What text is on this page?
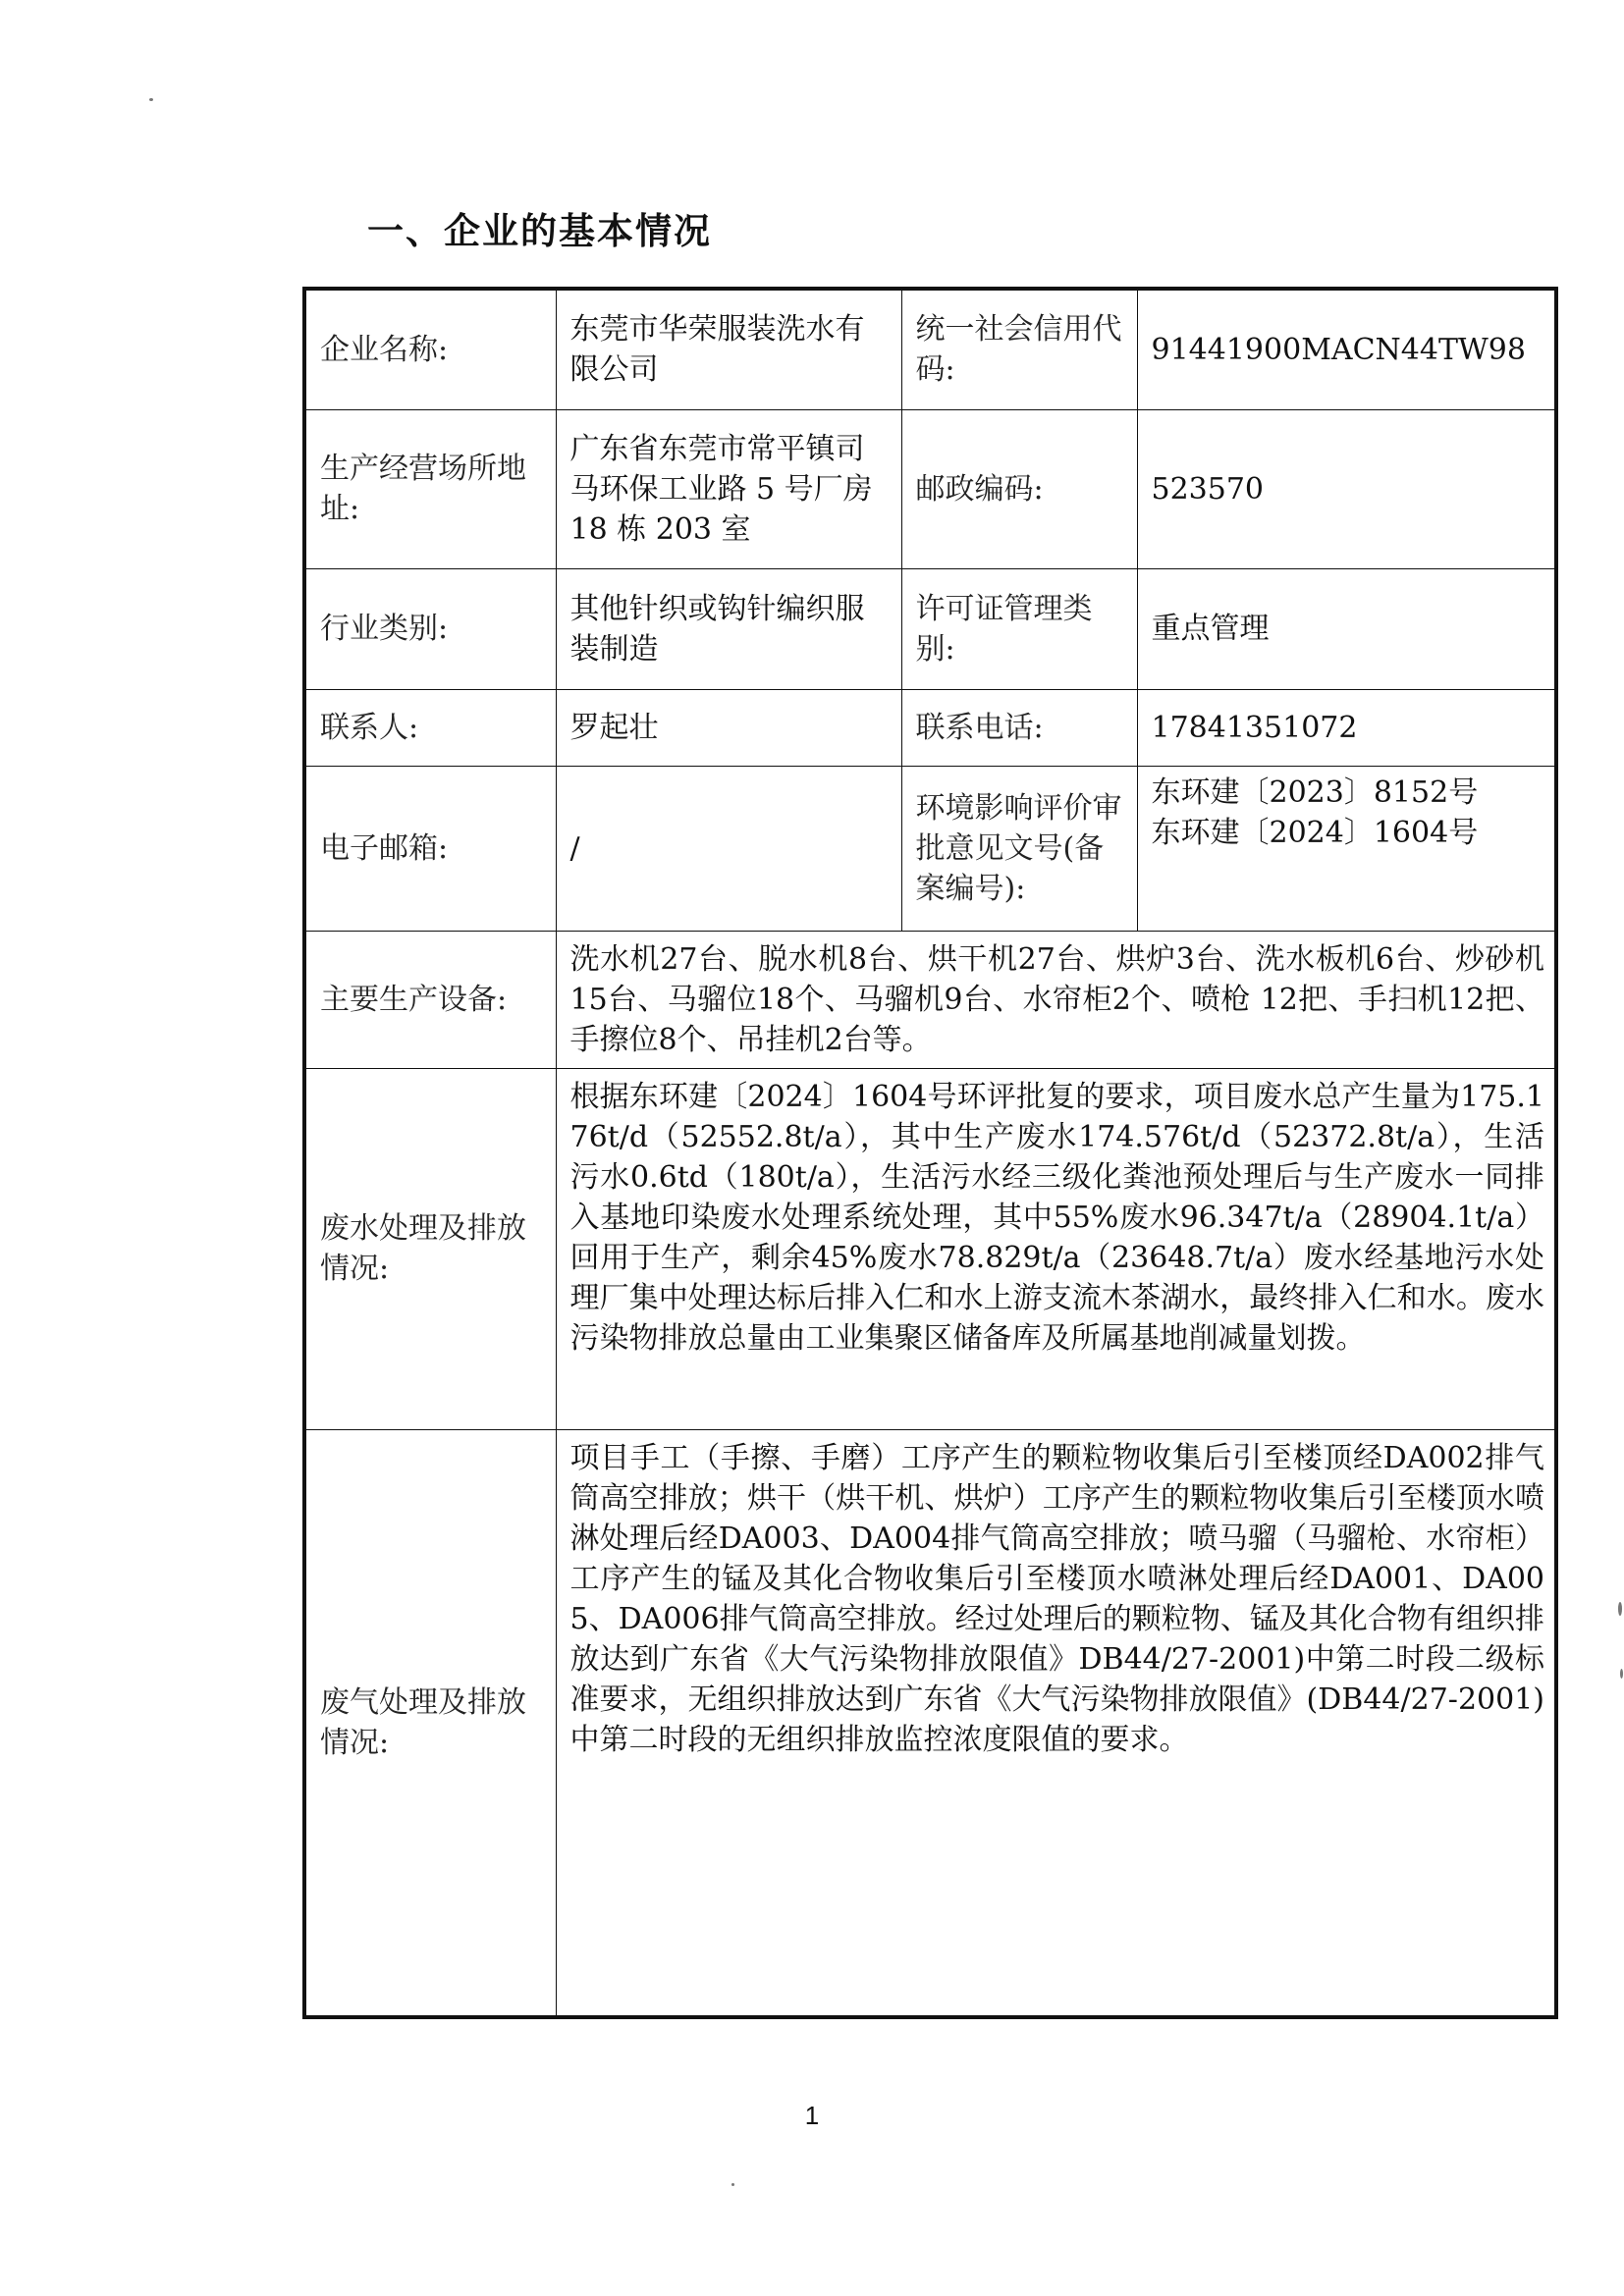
一、企业的基本情况
企业名称:	东莞市华荣服装洗水有限公司	统一社会信用代码:	91441900MACN44TW98
生产经营场所地址:	广东省东莞市常平镇司马环保工业路 5 号厂房 18 栋 203 室	邮政编码:	523570
行业类别:	其他针织或钩针编织服装制造	许可证管理类别:	重点管理
联系人:	罗起壮	联系电话:	17841351072
电子邮箱:	/	环境影响评价审批意见文号(备案编号):	东环建〔2023〕8152号
东环建〔2024〕1604号

主要生产设备:	洗水机27台、脱水机8台、烘干机27台、烘炉3台、洗水板机6台、炒砂机15台、马骝位18个、马骝机9台、水帘柜2个、喷枪 12把、手扫机12把、手擦位8个、吊挂机2台等。		
废水处理及排放情况:	根据东环建〔2024〕1604号环评批复的要求，项目废水总产生量为175.176t/d（52552.8t/a），其中生产废水174.576t/d（52372.8t/a），生活污水0.6td（180t/a），生活污水经三级化粪池预处理后与生产废水一同排入基地印染废水处理系统处理，其中55%废水96.347t/a（28904.1t/a）回用于生产，剩余45%废水78.829t/a（23648.7t/a）废水经基地污水处理厂集中处理达标后排入仁和水上游支流木茶湖水，最终排入仁和水。废水污染物排放总量由工业集聚区储备库及所属基地削减量划拨。		
废气处理及排放情况:	项目手工（手擦、手磨）工序产生的颗粒物收集后引至楼顶经DA002排气筒高空排放；烘干（烘干机、烘炉）工序产生的颗粒物收集后引至楼顶水喷淋处理后经DA003、DA004排气筒高空排放；喷马骝（马骝枪、水帘柜）工序产生的锰及其化合物收集后引至楼顶水喷淋处理后经DA001、DA005、DA006排气筒高空排放。经过处理后的颗粒物、锰及其化合物有组织排放达到广东省《大气污染物排放限值》DB44/27-2001)中第二时段二级标准要求，无组织排放达到广东省《大气污染物排放限值》(DB44/27-2001)中第二时段的无组织排放监控浓度限值的要求。		
1
